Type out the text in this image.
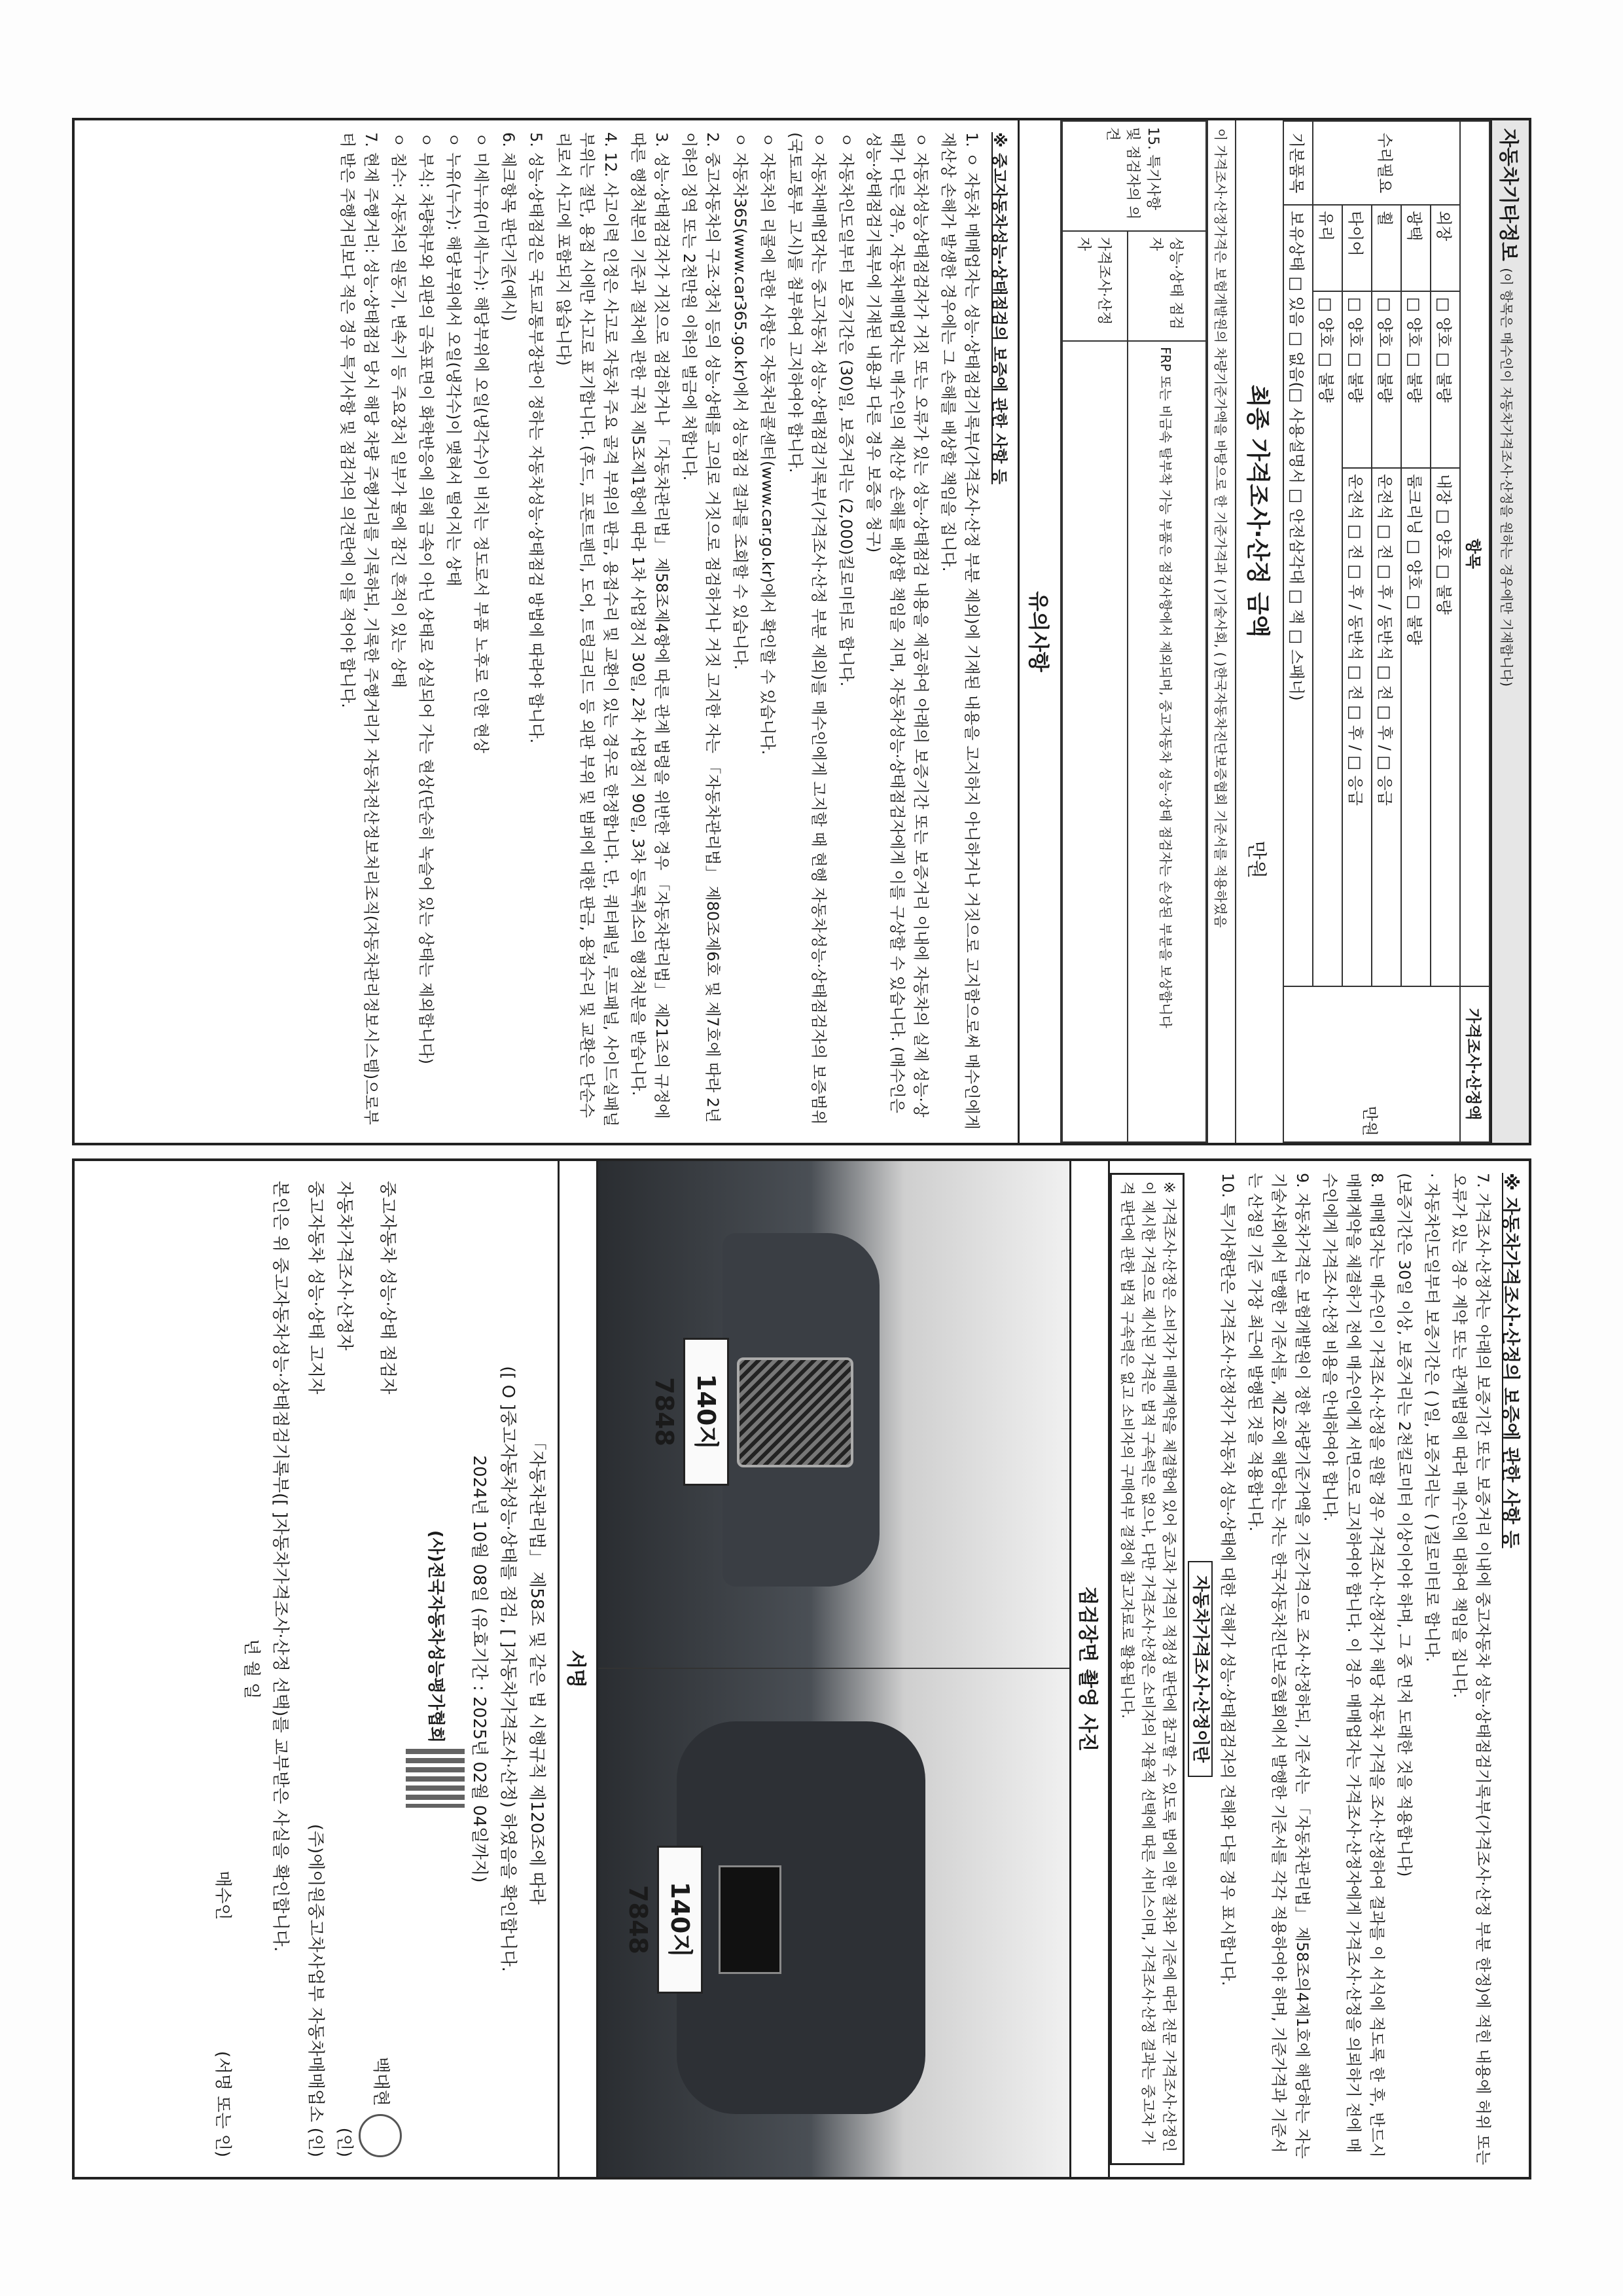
자동차기타정보 (이 항목은 매수인이 자동차가격조사·산정을 원하는 경우에만 기재합니다)
항목				가격조사·산정액
수리필요	외장	□ 양호 □ 불량	내장 □ 양호 □ 불량	만원
	광택	□ 양호 □ 불량	룸크리닝 □ 양호 □ 불량	
	휠	□ 양호 □ 불량	운전석 □ 전 □ 후 / 동반석 □ 전 □ 후 / □ 응급	
	타이어	□ 양호 □ 불량	운전석 □ 전 □ 후 / 동반석 □ 전 □ 후 / □ 응급	
	유리	□ 양호 □ 불량		
기본품목	보유상태 □ 있음 □ 없음(□ 사용설명서 □ 안전삼각대 □ 잭 □ 스패너)			
최종 가격조사·산정 금액  만원
이 가격조사·산정가격은 보험개발원의 차량기준가액을 바탕으로 한 기준가격과 ( )기술사회, ( )한국자동차진단보증협회 기준서를 적용하였음
15. 특기사항 및 점검자의 의견	성능·상태 점검자	FRP 또는 비금속 탈부착 가능 부품은 점검사항에서 제외되며, 중고자동차 성능·상태 점검자는 손상된 부분을 보상합니다
	가격조사·산정자	
유의사항

※ 중고자동차성능·상태점검의 보증에 관한 사항 등

1. ㅇ 자동차 매매업자는 성능·상태점검기록부(가격조사·산정 부분 제외)에 기재된 내용을 고지하지 아니하거나 거짓으로 고지함으로써 매수인에게 재산상 손해가 발생한 경우에는 그 손해를 배상할 책임을 집니다.

ㅇ 자동차성능상태점검자가 거짓 또는 오류가 있는 성능·상태점검 내용을 제공하여 아래의 보증기간 또는 보증거리 이내에 자동차의 실제 성능·상태가 다른 경우, 자동차매매업자는 매수인의 재산상 손해를 배상할 책임을 지며, 자동차성능·상태점검자에게 이를 구상할 수 있습니다. (매수인은 성능·상태점검기록부에 기재된 내용과 다른 경우 보증을 청구)

ㅇ 자동차인도일부터 보증기간은 (30)일, 보증거리는 (2,000)킬로미터로 합니다.

ㅇ 자동차매매업자는 중고자동차 성능·상태점검기록부(가격조사·산정 부분 제외)를 매수인에게 고지할 때 현행 자동차성능·상태점검자의 보증범위(국토교통부 고시)를 첨부하여 고지하여야 합니다.

ㅇ 자동차의 리콜에 관한 사항은 자동차리콜센터(www.car.go.kr)에서 확인할 수 있습니다.

ㅇ 자동차365(www.car365.go.kr)에서 성능점검 결과를 조회할 수 있습니다.

2. 중고자동차의 구조·장치 등의 성능·상태를 고의로 거짓으로 점검하거나 거짓 고지한 자는 「자동차관리법」 제80조제6호 및 제7호에 따라 2년 이하의 징역 또는 2천만원 이하의 벌금에 처합니다.

3. 성능·상태점검자가 거짓으로 점검하거나 「자동차관리법」 제58조제4항에 따른 관계 법령을 위반한 경우 「자동차관리법」 제21조의 규정에 따른 행정처분의 기준과 절차에 관한 규칙 제5조제1항에 따라 1차 사업정지 30일, 2차 사업정지 90일, 3차 등록취소의 행정처분을 받습니다.

4. 12. 사고이력 인정은 사고로 자동차 주요 골격 부위의 판금, 용접수리 및 교환이 있는 경우로 한정합니다. 단, 쿼터패널, 루프패널, 사이드실패널 부위는 절단, 용접 시에만 사고로 표기합니다. (후드, 프론트펜더, 도어, 트렁크리드 등 외판 부위 및 범퍼에 대한 판금, 용접수리 및 교환은 단순수리로서 사고에 포함되지 않습니다)

5. 성능·상태점검은 국토교통부장관이 정하는 자동차성능·상태점검 방법에 따라야 합니다.

6. 체크항목 판단기준(예시)

ㅇ 미세누유(미세누수): 해당부위에 오일(냉각수)이 비치는 정도로서 부품 노후로 인한 현상

ㅇ 누유(누수): 해당부위에서 오일(냉각수)이 맺혀서 떨어지는 상태

ㅇ 부식: 차량하부와 외판의 금속표면이 화학반응에 의해 금속이 아닌 상태로 상실되어 가는 현상(단순히 녹슬어 있는 상태는 제외합니다)

ㅇ 침수: 자동차의 원동기, 변속기 등 주요장치 일부가 물에 잠긴 흔적이 있는 상태

7. 현재 주행거리: 성능·상태점검 당시 해당 차량 주행거리를 기록하되, 기록한 주행거리가 자동차전산정보처리조직(자동차관리정보시스템)으로부터 받은 주행거리보다 적은 경우 특기사항 및 점검자의 의견란에 이를 적어야 합니다.

※ 자동차가격조사·산정의 보증에 관한 사항 등

7. 가격조사·산정자는 아래의 보증기간 또는 보증거리 이내에 중고자동차 성능·상태점검기록부(가격조사·산정 부분 한정)에 적힌 내용에 허위 또는 오류가 있는 경우 계약 또는 관계법령에 따라 매수인에 대하여 책임을 집니다.

· 자동차인도일부터 보증기간은 ( )일, 보증거리는 ( )킬로미터로 합니다.

(보증기간은 30일 이상, 보증거리는 2천킬로미터 이상이어야 하며, 그 중 먼저 도래한 것을 적용합니다)

8. 매매업자는 매수인이 가격조사·산정을 원할 경우 가격조사·산정자가 해당 자동차 가격을 조사·산정하여 결과를 이 서식에 적도록 한 후, 반드시 매매계약을 체결하기 전에 매수인에게 서면으로 고지하여야 합니다. 이 경우 매매업자는 가격조사·산정자에게 가격조사·산정을 의뢰하기 전에 매수인에게 가격조사·산정 비용을 안내하여야 합니다.

9. 자동차가격은 보험개발원이 정한 차량기준가액을 기준가격으로 조사·산정하되, 기준서는 「자동차관리법」 제58조의4제1호에 해당하는 자는 기술사회에서 발행한 기준서를, 제2호에 해당하는 자는 한국자동차진단보증협회에서 발행한 기준서를 각각 적용하여야 하며, 기준가격과 기준서는 산정일 기준 가장 최근에 발행된 것을 적용합니다.

10. 특기사항란은 가격조사·산정자가 자동차 성능·상태에 대한 견해가 성능·상태점검자의 견해와 다를 경우 표시합니다.

자동차가격조사·산정이란
※ 가격조사·산정은 소비자가 매매계약을 체결함에 있어 중고차 가격의 적정성 판단에 참고할 수 있도록 법에 의한 절차와 기준에 따라 전문 가격조사·산정인이 제시한 가격으로 제시된 가격은 법적 구속력은 없으나, 다만 가격조사·산정은 소비자의 자율적 선택에 따른 서비스이며, 가격조사·산정 결과는 중고차 가격 판단에 관한 법적 구속력은 없고 소비자의 구매여부 결정에 참고자료로 활용됩니다.
점검장면 촬영 사진
140지7848
140지7848
서명
「자동차관리법」 제58조 및 같은 법 시행규칙 제120조에 따라
([ O ]중고자동차성능·상태를 점검, [ ]자동차가격조사·산정) 하였음을 확인합니다.
2024년 10월 08일 (유효기간 : 2025년 02월 04일까지)
(사)전국자동차성능평가협회
중고자동차 성능·상태 점검자
백대현
자동차가격조사·산정자
(인)
중고자동차 성능·상태 고지자
(주)에이원중고차사업부 자동차매매업소 (인)
본인은 위 중고자동차성능·상태점검기록부([ ]자동차가격조사·산정 선택)를 교부받은 사실을 확인합니다.
년 월 일
매수인
(서명 또는 인)
